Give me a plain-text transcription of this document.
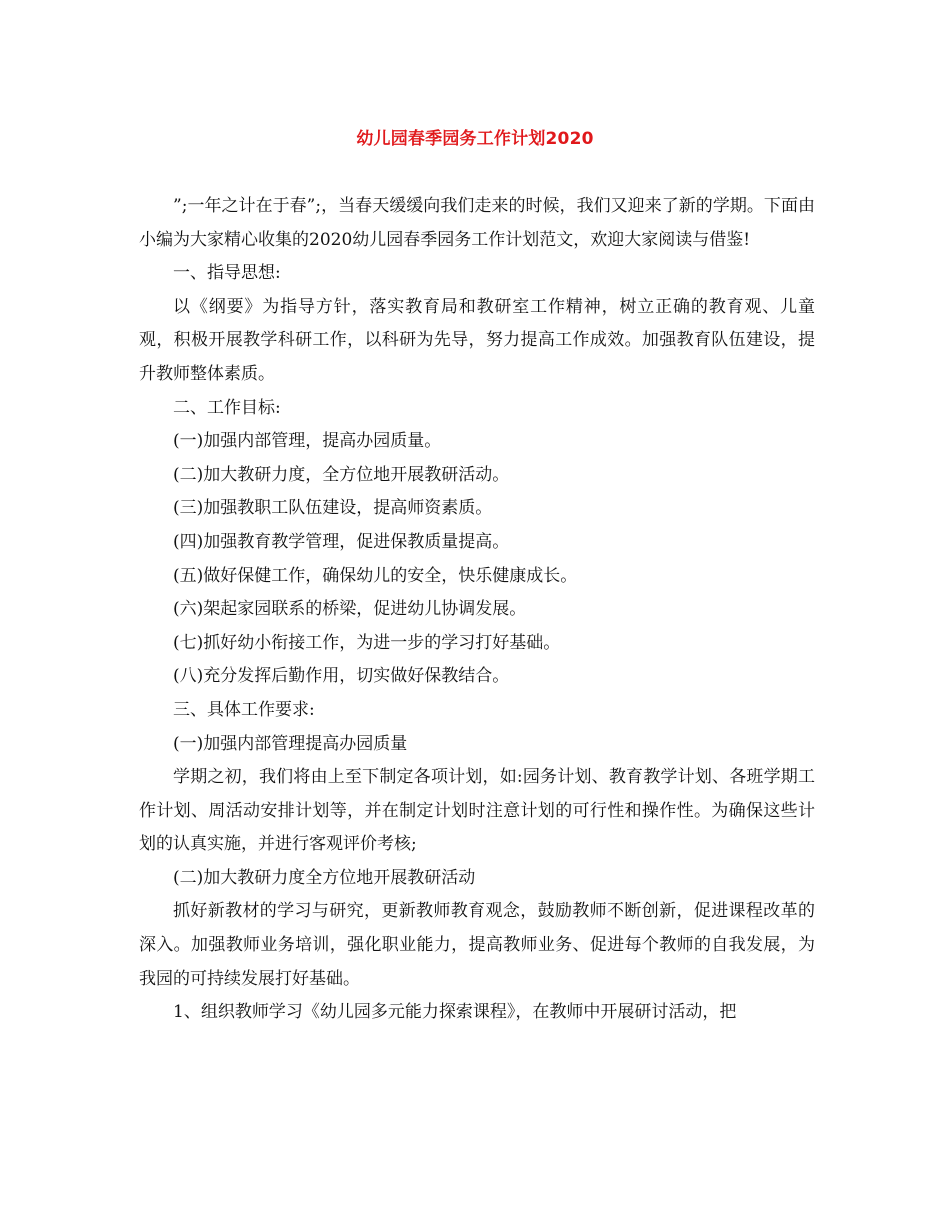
幼儿园春季园务工作计划2020

”;一年之计在于春”;，当春天缓缓向我们走来的时候，我们又迎来了新的学期。下面由小编为大家精心收集的2020幼儿园春季园务工作计划范文，欢迎大家阅读与借鉴!

一、指导思想:

以《纲要》为指导方针，落实教育局和教研室工作精神，树立正确的教育观、儿童观，积极开展教学科研工作，以科研为先导，努力提高工作成效。加强教育队伍建设，提升教师整体素质。

二、工作目标:

(一)加强内部管理，提高办园质量。

(二)加大教研力度，全方位地开展教研活动。

(三)加强教职工队伍建设，提高师资素质。

(四)加强教育教学管理，促进保教质量提高。

(五)做好保健工作，确保幼儿的安全，快乐健康成长。

(六)架起家园联系的桥梁，促进幼儿协调发展。

(七)抓好幼小衔接工作，为进一步的学习打好基础。

(八)充分发挥后勤作用，切实做好保教结合。

三、具体工作要求:

(一)加强内部管理提高办园质量

学期之初，我们将由上至下制定各项计划，如:园务计划、教育教学计划、各班学期工作计划、周活动安排计划等，并在制定计划时注意计划的可行性和操作性。为确保这些计划的认真实施，并进行客观评价考核;

(二)加大教研力度全方位地开展教研活动

抓好新教材的学习与研究，更新教师教育观念，鼓励教师不断创新，促进课程改革的深入。加强教师业务培训，强化职业能力，提高教师业务、促进每个教师的自我发展，为我园的可持续发展打好基础。

1、组织教师学习《幼儿园多元能力探索课程》，在教师中开展研讨活动，把
